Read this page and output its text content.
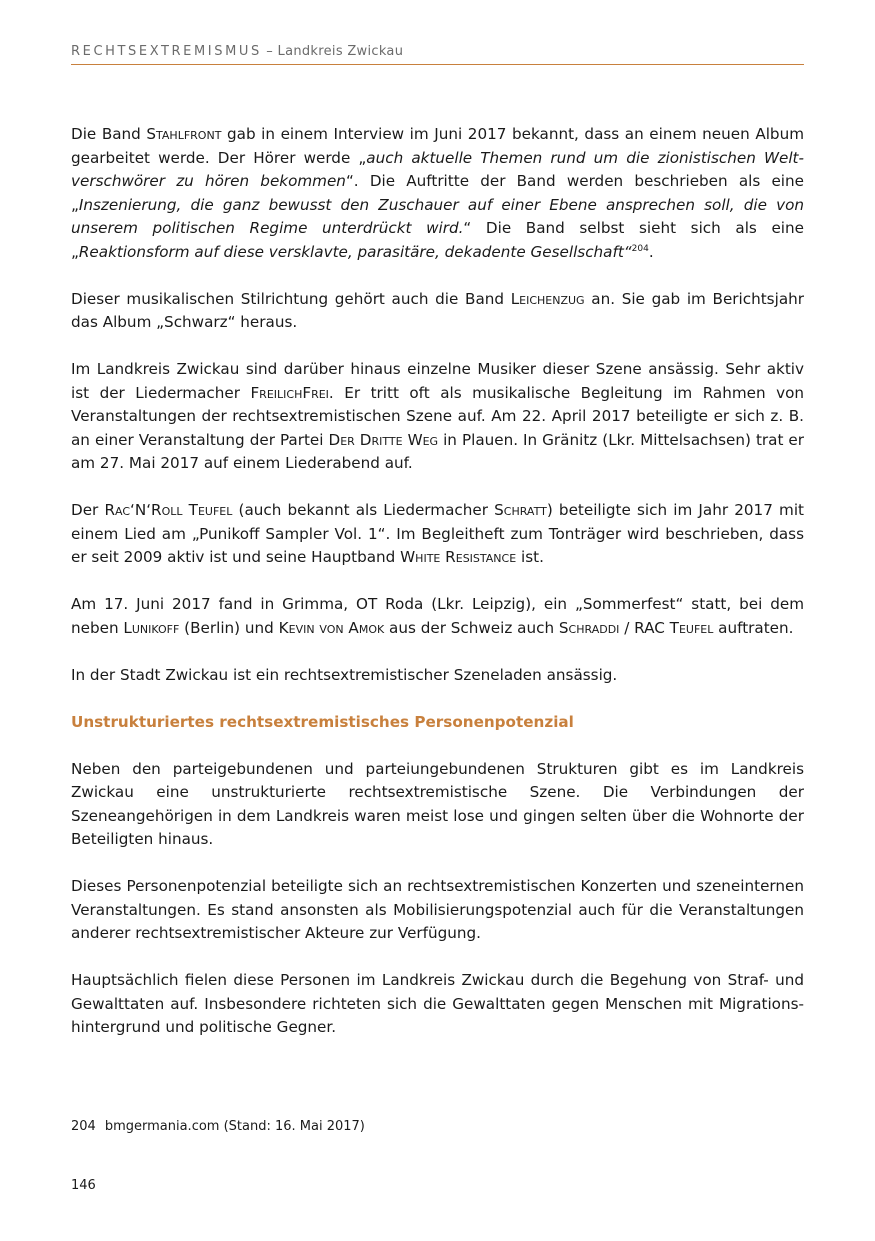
RECHTSEXTREMISMUS – Landkreis Zwickau

Die Band Stahlfront gab in einem Interview im Juni 2017 bekannt, dass an einem neuen Album gearbeitet werde. Der Hörer werde „auch aktuelle Themen rund um die zionistischen Weltverschwörer zu hören bekommen“. Die Auftritte der Band werden beschrieben als eine „Inszenierung, die ganz bewusst den Zuschauer auf einer Ebene ansprechen soll, die von unserem politischen Regime unterdrückt wird.“ Die Band selbst sieht sich als eine „Reaktionsform auf diese versklavte, parasitäre, dekadente Gesellschaft“$^{204}$.

Dieser musikalischen Stilrichtung gehört auch die Band Leichenzug an. Sie gab im Berichtsjahr das Album „Schwarz“ heraus.

Im Landkreis Zwickau sind darüber hinaus einzelne Musiker dieser Szene ansässig. Sehr aktiv ist der Liedermacher FreilichFrei. Er tritt oft als musikalische Begleitung im Rahmen von Veranstaltungen der rechtsextremistischen Szene auf. Am 22. April 2017 beteiligte er sich z. B. an einer Veranstaltung der Partei Der Dritte Weg in Plauen. In Gränitz (Lkr. Mittelsachsen) trat er am 27. Mai 2017 auf einem Liederabend auf.

Der Rac‘N‘Roll Teufel (auch bekannt als Liedermacher Schratt) beteiligte sich im Jahr 2017 mit einem Lied am „Punikoff Sampler Vol. 1“. Im Begleitheft zum Tonträger wird beschrieben, dass er seit 2009 aktiv ist und seine Hauptband White Resistance ist.

Am 17. Juni 2017 fand in Grimma, OT Roda (Lkr. Leipzig), ein „Sommerfest“ statt, bei dem neben Lunikoff (Berlin) und Kevin von Amok aus der Schweiz auch Schraddi / RAC Teufel auftraten.

In der Stadt Zwickau ist ein rechtsextremistischer Szeneladen ansässig.

Unstrukturiertes rechtsextremistisches Personenpotenzial

Neben den parteigebundenen und parteiungebundenen Strukturen gibt es im Landkreis Zwickau eine unstrukturierte rechtsextremistische Szene. Die Verbindungen der Szeneangehörigen in dem Landkreis waren meist lose und gingen selten über die Wohnorte der Beteiligten hinaus.

Dieses Personenpotenzial beteiligte sich an rechtsextremistischen Konzerten und szeneinternen Veranstaltungen. Es stand ansonsten als Mobilisierungspotenzial auch für die Veranstaltungen anderer rechtsextremistischer Akteure zur Verfügung.

Hauptsächlich fielen diese Personen im Landkreis Zwickau durch die Begehung von Straf- und Gewalttaten auf. Insbesondere richteten sich die Gewalttaten gegen Menschen mit Migrationshintergrund und politische Gegner.

204 bmgermania.com (Stand: 16. Mai 2017)
146
